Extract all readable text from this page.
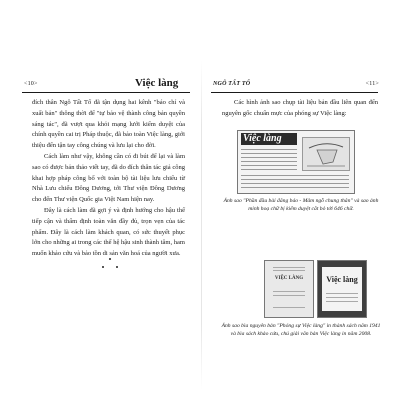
<10>	Việc làng

đích thân Ngô Tất Tố đã tận dụng hai kênh "báo chí và xuất bản" thông thời để "tự bảo vệ thành công bản quyền sáng tác", đã vượt qua khỏi mạng lưới kiểm duyệt của chính quyền cai trị Pháp thuộc, đã bảo toàn Việc làng, giới thiệu đến tận tay công chúng và lưu lại cho đời.

Cách làm như vậy, không cần có đi bút để lại và làm sao có được bản thảo viết tay, đã do đích thân tác giả công khai hợp pháp công bố với toàn bộ tài liệu lưu chiểu từ Nhà Lưu chiểu Đông Dương, tới Thư viện Đông Dương cho đến Thư viện Quốc gia Việt Nam hiện nay.

Đây là cách làm đã gợi ý và định hướng cho hậu thế tiếp cận và thẩm định toàn văn đầy đủ, trọn vẹn của tác phẩm. Đây là cách làm khách quan, có sức thuyết phục lớn cho những ai trong các thế hệ hậu sinh thành tâm, ham muốn khảo cứu và bảo tồn di sản văn hoá của người xưa.

NGÔ TẤT TỐ	<11>

Các hình ảnh sao chụp tài liệu bản đầu liên quan đến nguyên gốc chuẩn mực của phóng sự Việc làng:

Việc làng
Ảnh sao "Phần đầu bài đăng báo - Mâm ngỗ chung thân" và sao ảnh minh hoạ chữ bị kiểm duyệt cắt bỏ tới 646 chữ.
VIỆC LÀNG	Việc làng
Ảnh sao bìa nguyên bản "Phóng sự Việc làng" in thành sách năm 1941 và bìa sách khảo cứu, chú giải văn bản Việc làng in năm 2008.
